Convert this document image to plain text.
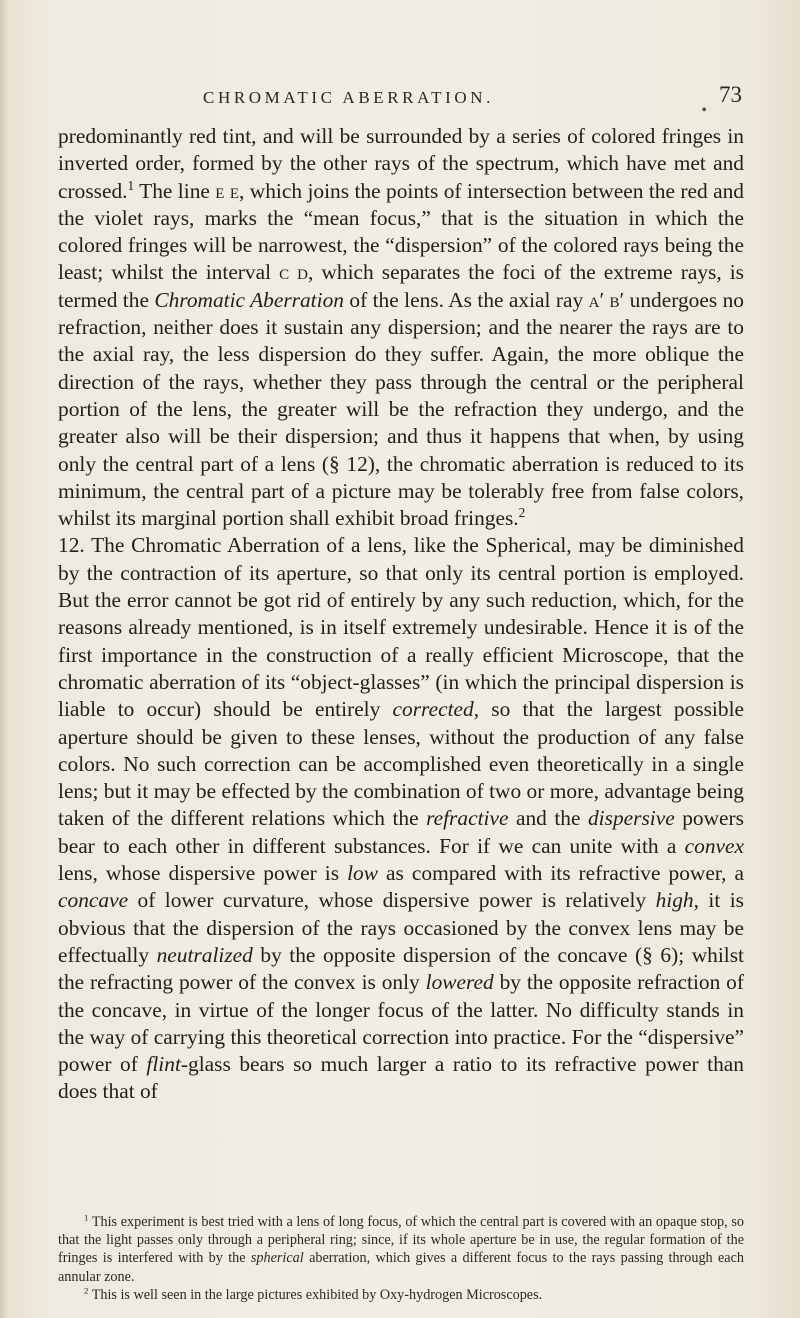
CHROMATIC ABERRATION.
•
73

predominantly red tint, and will be surrounded by a series of colored fringes in inverted order, formed by the other rays of the spectrum, which have met and crossed.$^1$ The line e e, which joins the points of intersection between the red and the violet rays, marks the “mean focus,” that is the situation in which the colored fringes will be narrowest, the “dispersion” of the colored rays being the least; whilst the interval c d, which separates the foci of the extreme rays, is termed the Chromatic Aberration of the lens. As the axial ray a′ b′ undergoes no refraction, neither does it sustain any dispersion; and the nearer the rays are to the axial ray, the less dispersion do they suffer. Again, the more oblique the direction of the rays, whether they pass through the central or the peripheral portion of the lens, the greater will be the refraction they undergo, and the greater also will be their dispersion; and thus it happens that when, by using only the central part of a lens (§ 12), the chromatic aberration is reduced to its minimum, the central part of a picture may be tolerably free from false colors, whilst its marginal portion shall exhibit broad fringes.$^2$

12. The Chromatic Aberration of a lens, like the Spherical, may be diminished by the contraction of its aperture, so that only its central portion is employed. But the error cannot be got rid of entirely by any such reduction, which, for the reasons already mentioned, is in itself extremely undesirable. Hence it is of the first importance in the construction of a really efficient Microscope, that the chromatic aberration of its “object-glasses” (in which the principal dispersion is liable to occur) should be entirely corrected, so that the largest possible aperture should be given to these lenses, without the production of any false colors. No such correction can be accomplished even theoretically in a single lens; but it may be effected by the combination of two or more, advantage being taken of the different relations which the refractive and the dispersive powers bear to each other in different substances. For if we can unite with a convex lens, whose dispersive power is low as compared with its refractive power, a concave of lower curvature, whose dispersive power is relatively high, it is obvious that the dispersion of the rays occasioned by the convex lens may be effectually neutralized by the opposite dispersion of the concave (§ 6); whilst the refracting power of the convex is only lowered by the opposite refraction of the concave, in virtue of the longer focus of the latter. No difficulty stands in the way of carrying this theoretical correction into practice. For the “dispersive” power of flint-glass bears so much larger a ratio to its refractive power than does that of

$^1$ This experiment is best tried with a lens of long focus, of which the central part is covered with an opaque stop, so that the light passes only through a peripheral ring; since, if its whole aperture be in use, the regular formation of the fringes is interfered with by the spherical aberration, which gives a different focus to the rays passing through each annular zone.

$^2$ This is well seen in the large pictures exhibited by Oxy-hydrogen Microscopes.
